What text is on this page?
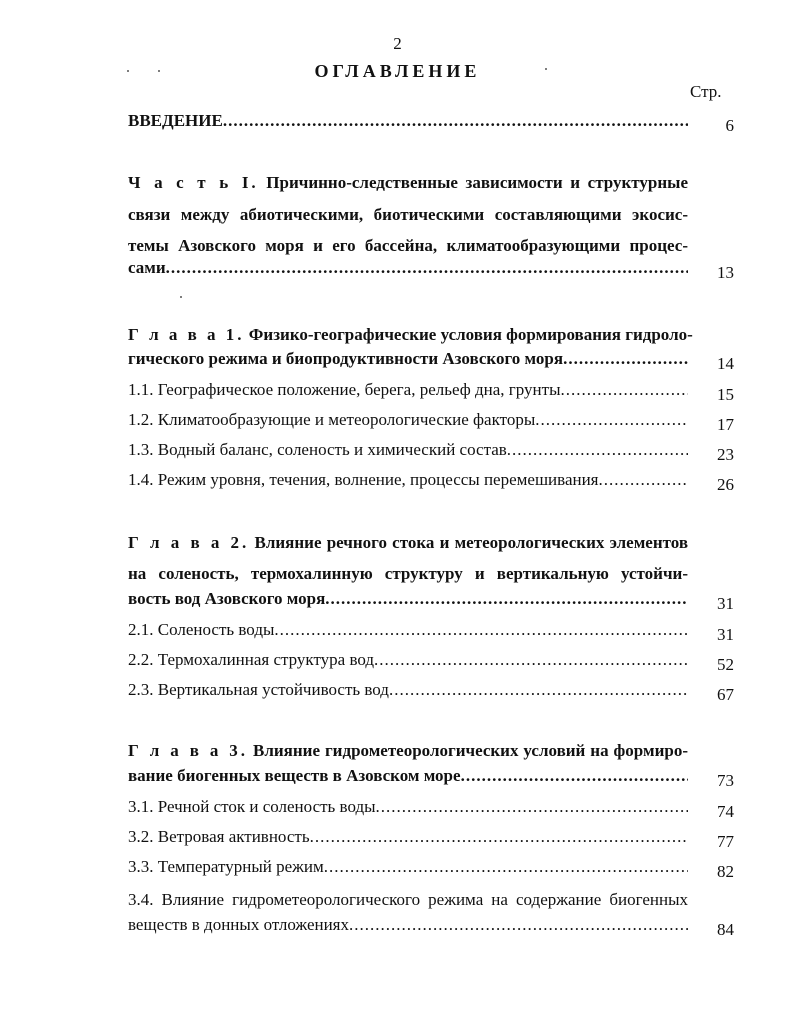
2
ОГЛАВЛЕНИЕ
Стр.
ВВЕДЕНИЕ .....	6
Ч а с т ь I. Причинно-следственные зависимости и структурные
связи между абиотическими, биотическими составляющими экосис-
темы Азовского моря и его бассейна, климатообразующими процес-
сами .....	13
Г л а в а 1. Физико-географические условия формирования гидроло-
гического режима и биопродуктивности Азовского моря .....	14
1.1. Географическое положение, берега, рельеф дна, грунты .....	15
1.2. Климатообразующие и метеорологические факторы .....	17
1.3. Водный баланс, соленость и химический состав .....	23
1.4. Режим уровня, течения, волнение, процессы перемешивания .....	26
Г л а в а 2. Влияние речного стока и метеорологических элементов
на соленость, термохалинную структуру и вертикальную устойчи-
вость вод Азовского моря .....	31
2.1. Соленость воды .....	31
2.2. Термохалинная структура вод .....	52
2.3. Вертикальная устойчивость вод .....	67
Г л а в а 3. Влияние гидрометеорологических условий на формиро-
вание биогенных веществ в Азовском море .....	73
3.1. Речной сток и соленость воды .....	74
3.2. Ветровая активность .....	77
3.3. Температурный режим .....	82
3.4. Влияние гидрометеорологического режима на содержание биогенных
веществ в донных отложениях .....	84
